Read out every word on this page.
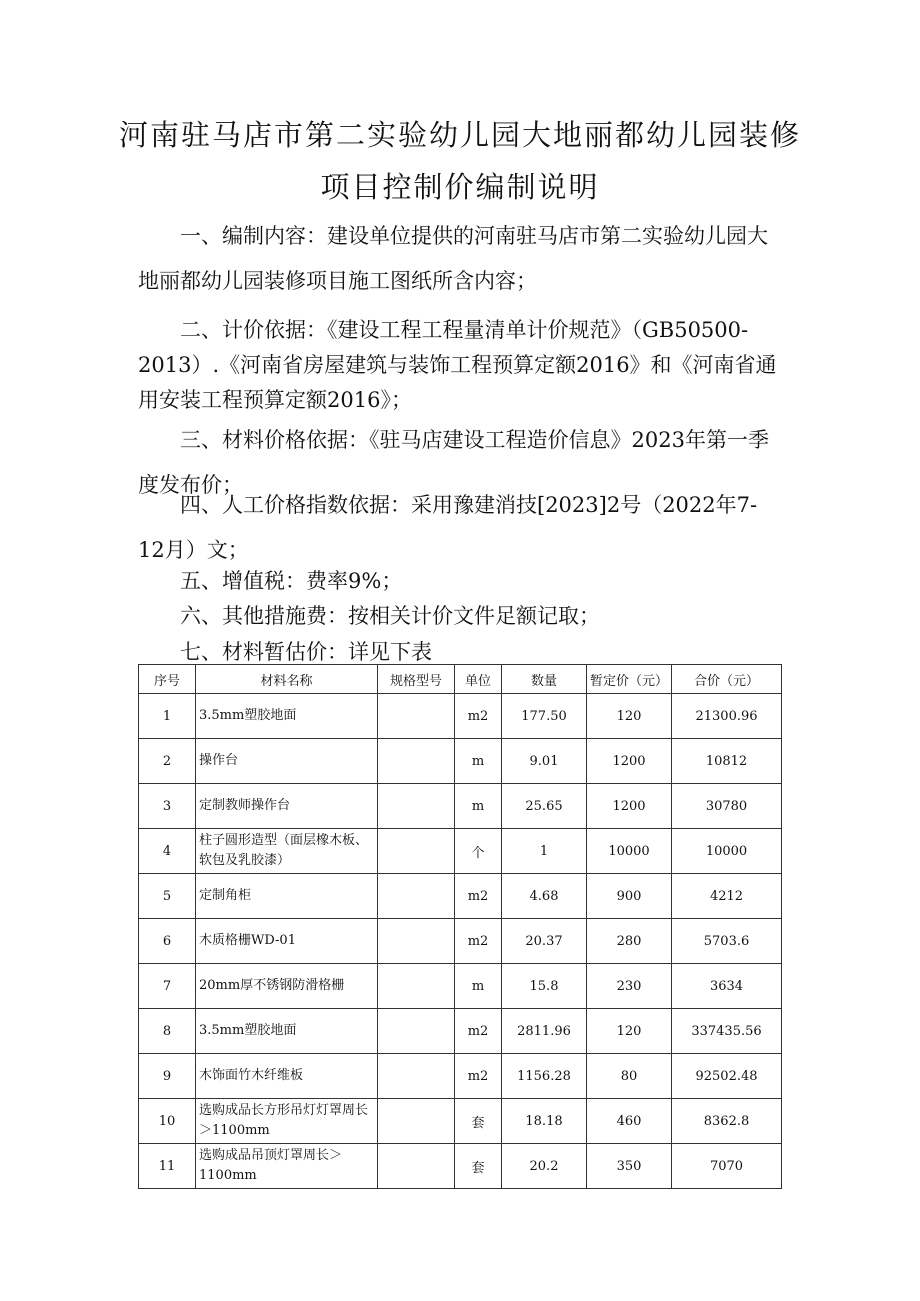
河南驻马店市第二实验幼儿园大地丽都幼儿园装修
项目控制价编制说明

一、编制内容：建设单位提供的河南驻马店市第二实验幼儿园大地丽都幼儿园装修项目施工图纸所含内容；

二、计价依据：《建设工程工程量清单计价规范》（GB50500-2013）.《河南省房屋建筑与装饰工程预算定额2016》和《河南省通用安装工程预算定额2016》；

三、材料价格依据：《驻马店建设工程造价信息》2023年第一季度发布价；

四、人工价格指数依据：采用豫建消技[2023]2号（2022年7-12月）文；

五、增值税：费率9%；

六、其他措施费：按相关计价文件足额记取；

七、材料暂估价：详见下表

序号	材料名称	规格型号	单位	数量	暂定价（元）	合价（元）
1	3.5mm塑胶地面		m2	177.50	120	21300.96
2	操作台		m	9.01	1200	10812
3	定制教师操作台		m	25.65	1200	30780
4	柱子圆形造型（面层橡木板、软包及乳胶漆）		个	1	10000	10000
5	定制角柜		m2	4.68	900	4212
6	木质格栅WD-01		m2	20.37	280	5703.6
7	20mm厚不锈钢防滑格栅		m	15.8	230	3634
8	3.5mm塑胶地面		m2	2811.96	120	337435.56
9	木饰面竹木纤维板		m2	1156.28	80	92502.48
10	选购成品长方形吊灯灯罩周长＞1100mm		套	18.18	460	8362.8
11	选购成品吊顶灯罩周长＞1100mm		套	20.2	350	7070
